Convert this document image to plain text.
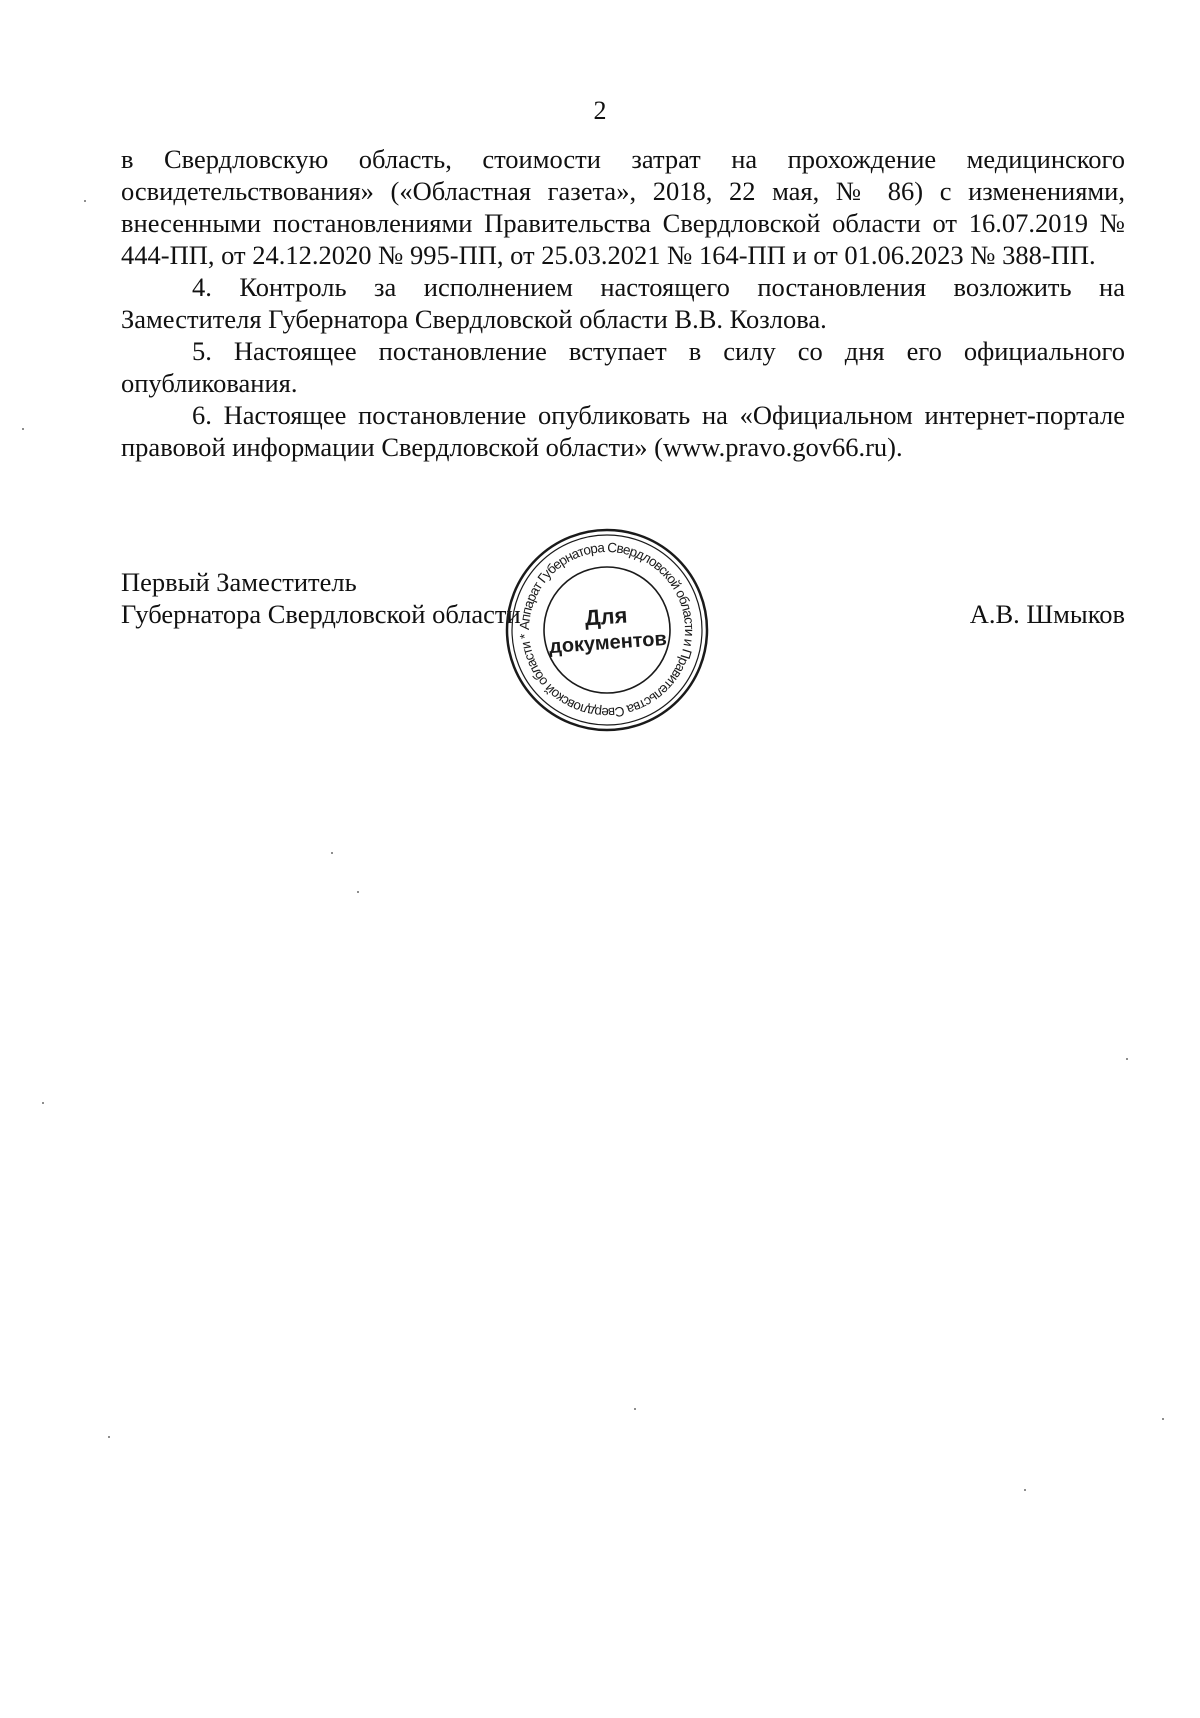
2

в Свердловскую область, стоимости затрат на прохождение медицинского освидетельствования» («Областная газета», 2018, 22 мая, № 86) с изменениями, внесенными постановлениями Правительства Свердловской области от 16.07.2019 № 444-ПП, от 24.12.2020 № 995-ПП, от 25.03.2021 № 164-ПП и от 01.06.2023 № 388-ПП.

4. Контроль за исполнением настоящего постановления возложить на Заместителя Губернатора Свердловской области В.В. Козлова.

5. Настоящее постановление вступает в силу со дня его официального опубликования.

6. Настоящее постановление опубликовать на «Официальном интернет-портале правовой информации Свердловской области» (www.pravo.gov66.ru).

Первый Заместитель
Губернатора Свердловской области	А.В. Шмыков
Аппарат Губернатора Свердловской области и Правительства Свердловской области *
Для
документов
